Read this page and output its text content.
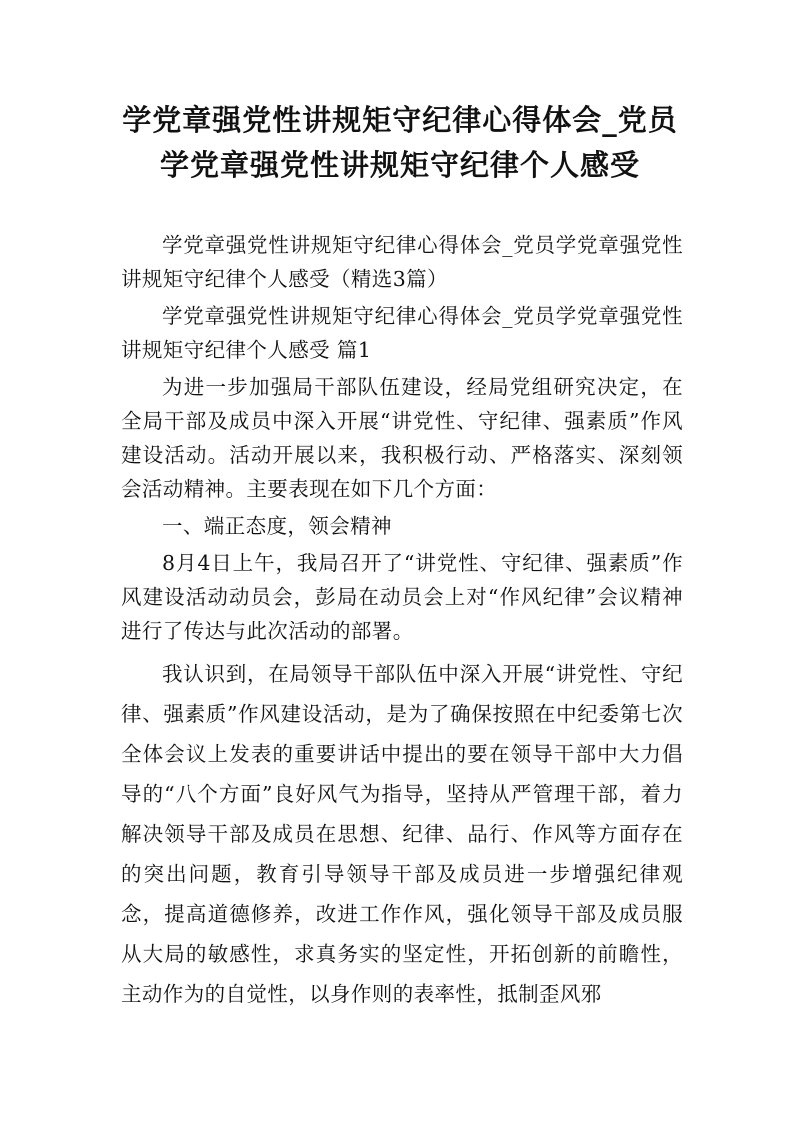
学党章强党性讲规矩守纪律心得体会_党员
学党章强党性讲规矩守纪律个人感受

学党章强党性讲规矩守纪律心得体会_党员学党章强党性讲规矩守纪律个人感受（精选3篇）

学党章强党性讲规矩守纪律心得体会_党员学党章强党性讲规矩守纪律个人感受 篇1

为进一步加强局干部队伍建设，经局党组研究决定，在全局干部及成员中深入开展“讲党性、守纪律、强素质”作风建设活动。活动开展以来，我积极行动、严格落实、深刻领会活动精神。主要表现在如下几个方面：

一、端正态度，领会精神

8月4日上午，我局召开了“讲党性、守纪律、强素质”作风建设活动动员会，彭局在动员会上对“作风纪律”会议精神进行了传达与此次活动的部署。

我认识到，在局领导干部队伍中深入开展“讲党性、守纪律、强素质”作风建设活动，是为了确保按照在中纪委第七次全体会议上发表的重要讲话中提出的要在领导干部中大力倡导的“八个方面”良好风气为指导，坚持从严管理干部，着力解决领导干部及成员在思想、纪律、品行、作风等方面存在的突出问题，教育引导领导干部及成员进一步增强纪律观念，提高道德修养，改进工作作风，强化领导干部及成员服从大局的敏感性，求真务实的坚定性，开拓创新的前瞻性，主动作为的自觉性，以身作则的表率性，抵制歪风邪
